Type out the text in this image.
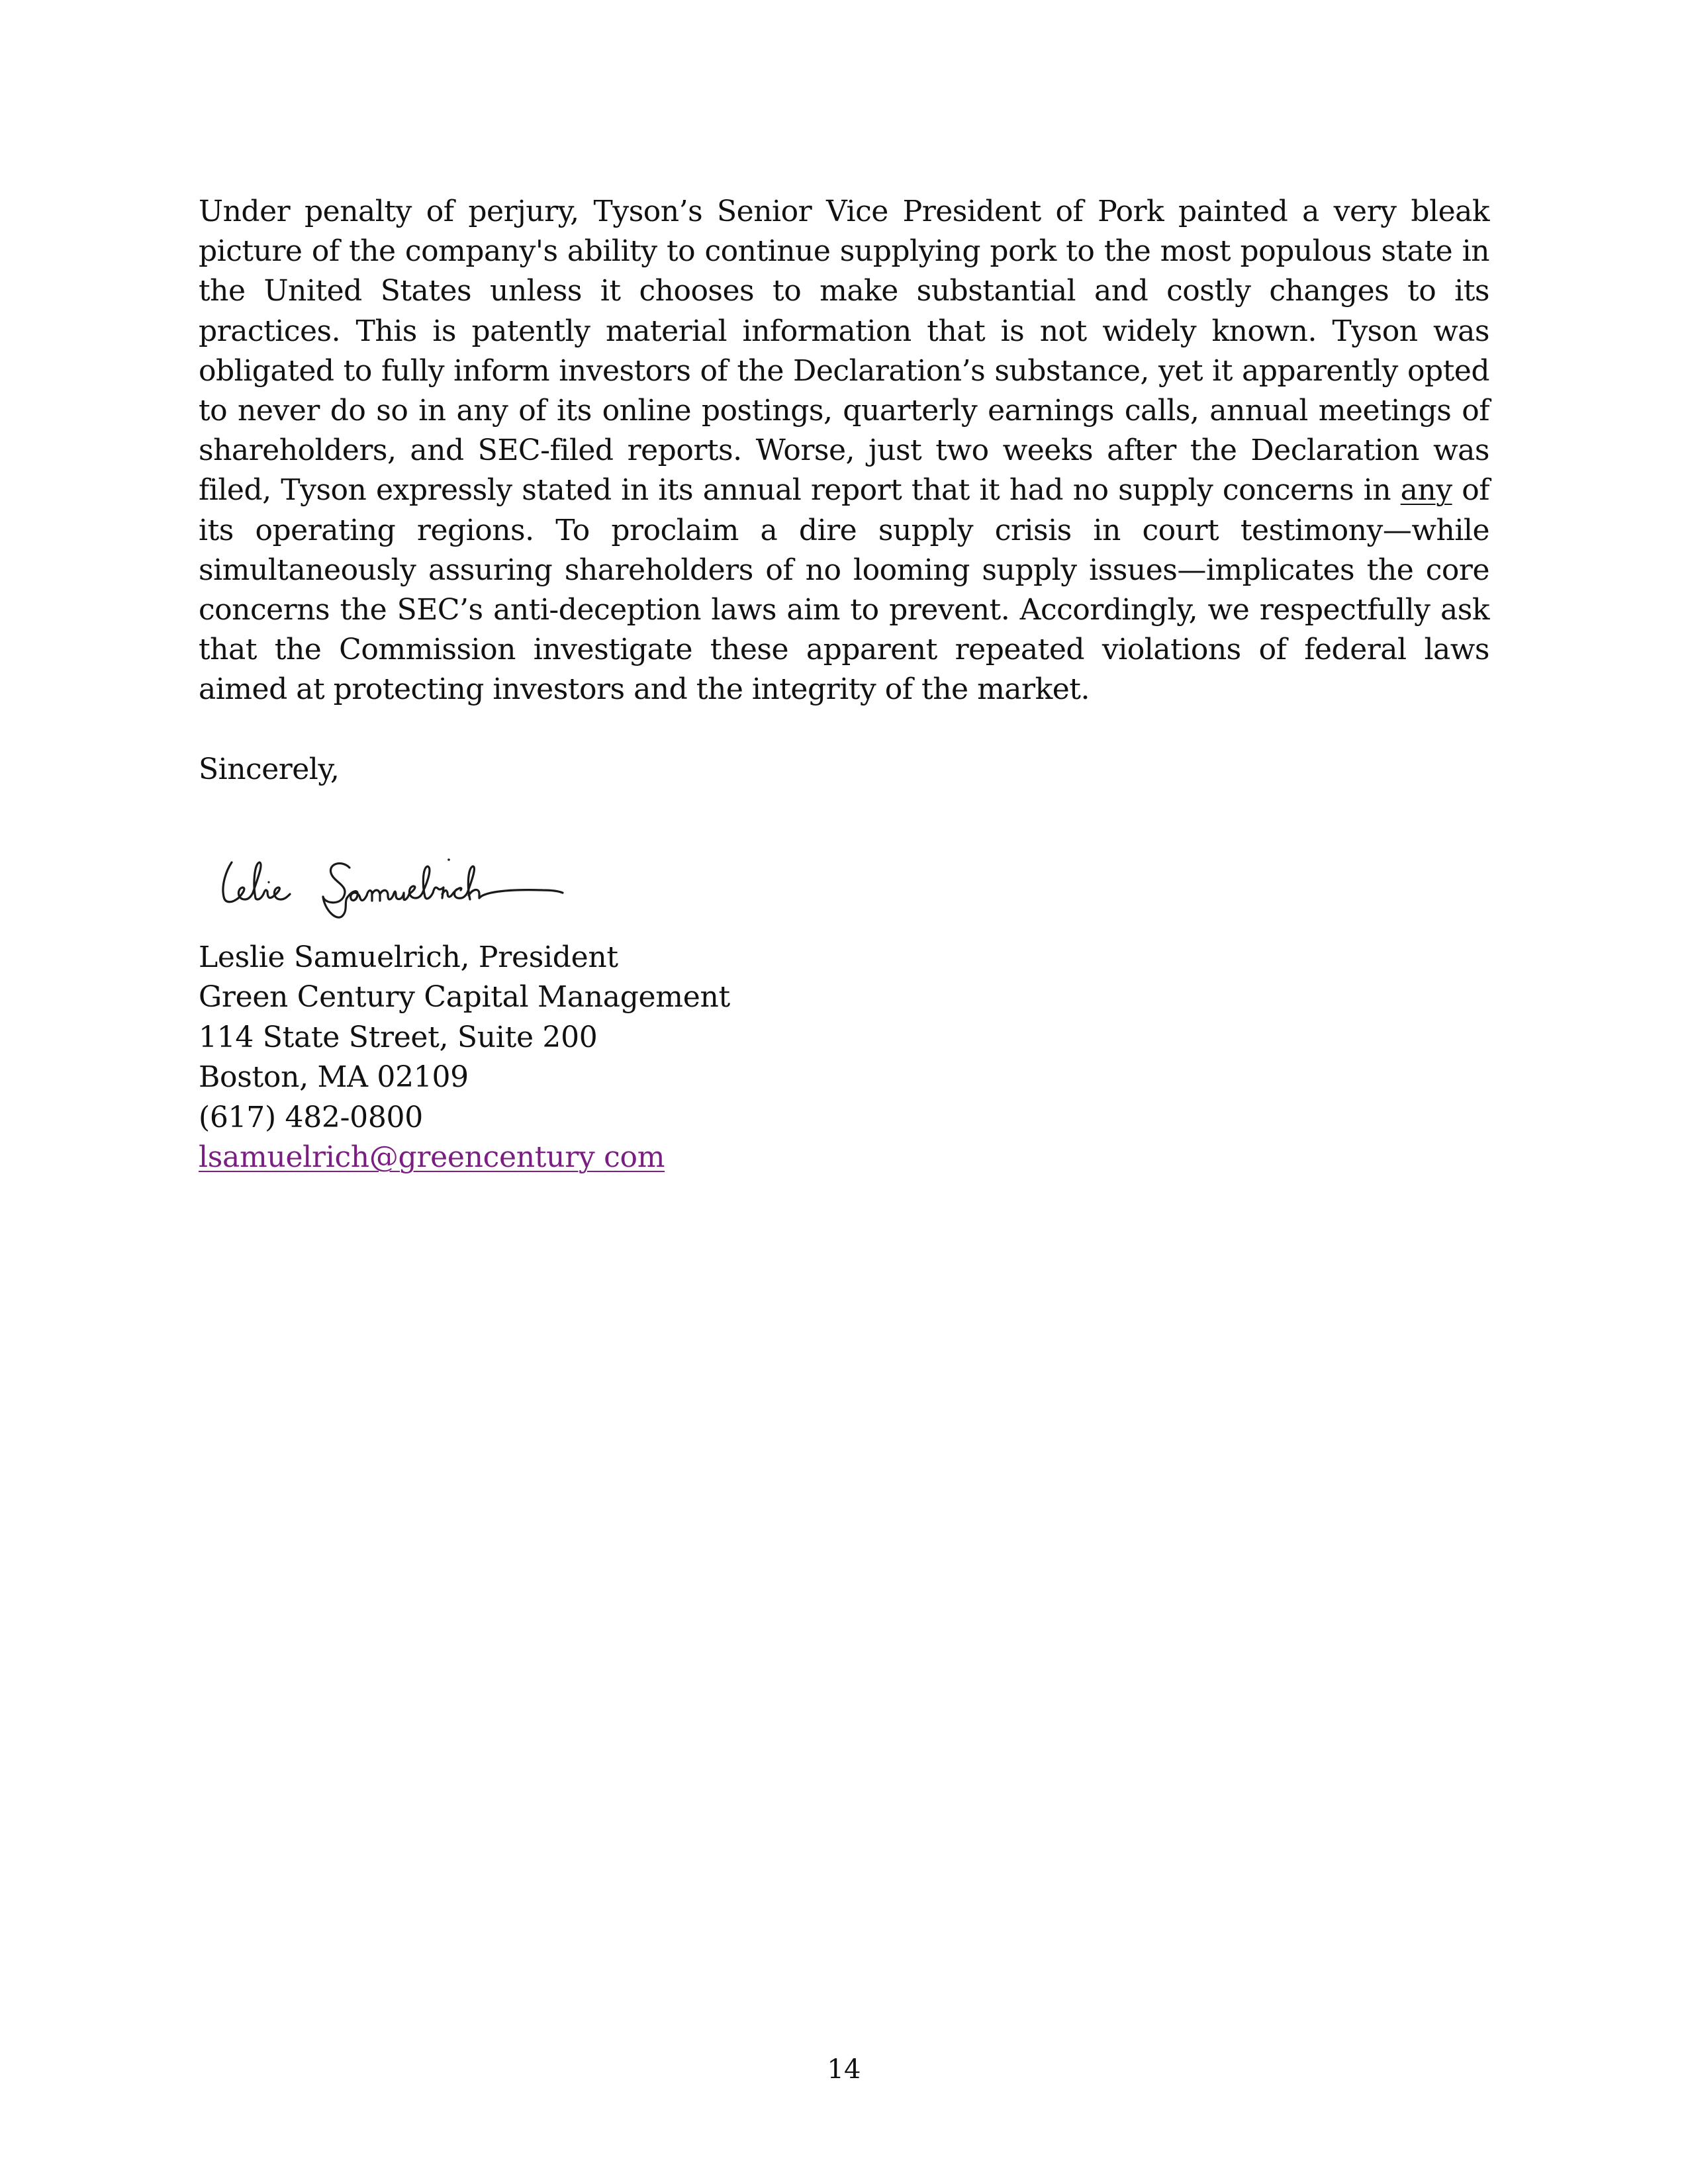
Under penalty of perjury, Tyson’s Senior Vice President of Pork painted a very bleak picture of the company's ability to continue supplying pork to the most populous state in the United States unless it chooses to make substantial and costly changes to its practices. This is patently material information that is not widely known. Tyson was obligated to fully inform investors of the Declaration’s substance, yet it apparently opted to never do so in any of its online postings, quarterly earnings calls, annual meetings of shareholders, and SEC-filed reports. Worse, just two weeks after the Declaration was filed, Tyson expressly stated in its annual report that it had no supply concerns in any of its operating regions. To proclaim a dire supply crisis in court testimony—while simultaneously assuring shareholders of no looming supply issues—implicates the core concerns the SEC’s anti-deception laws aim to prevent. Accordingly, we respectfully ask that the Commission investigate these apparent repeated violations of federal laws aimed at protecting investors and the integrity of the market.

Sincerely,

Leslie Samuelrich, President
Green Century Capital Management
114 State Street, Suite 200
Boston, MA 02109
(617) 482-0800
lsamuelrich@greencentury com
14
